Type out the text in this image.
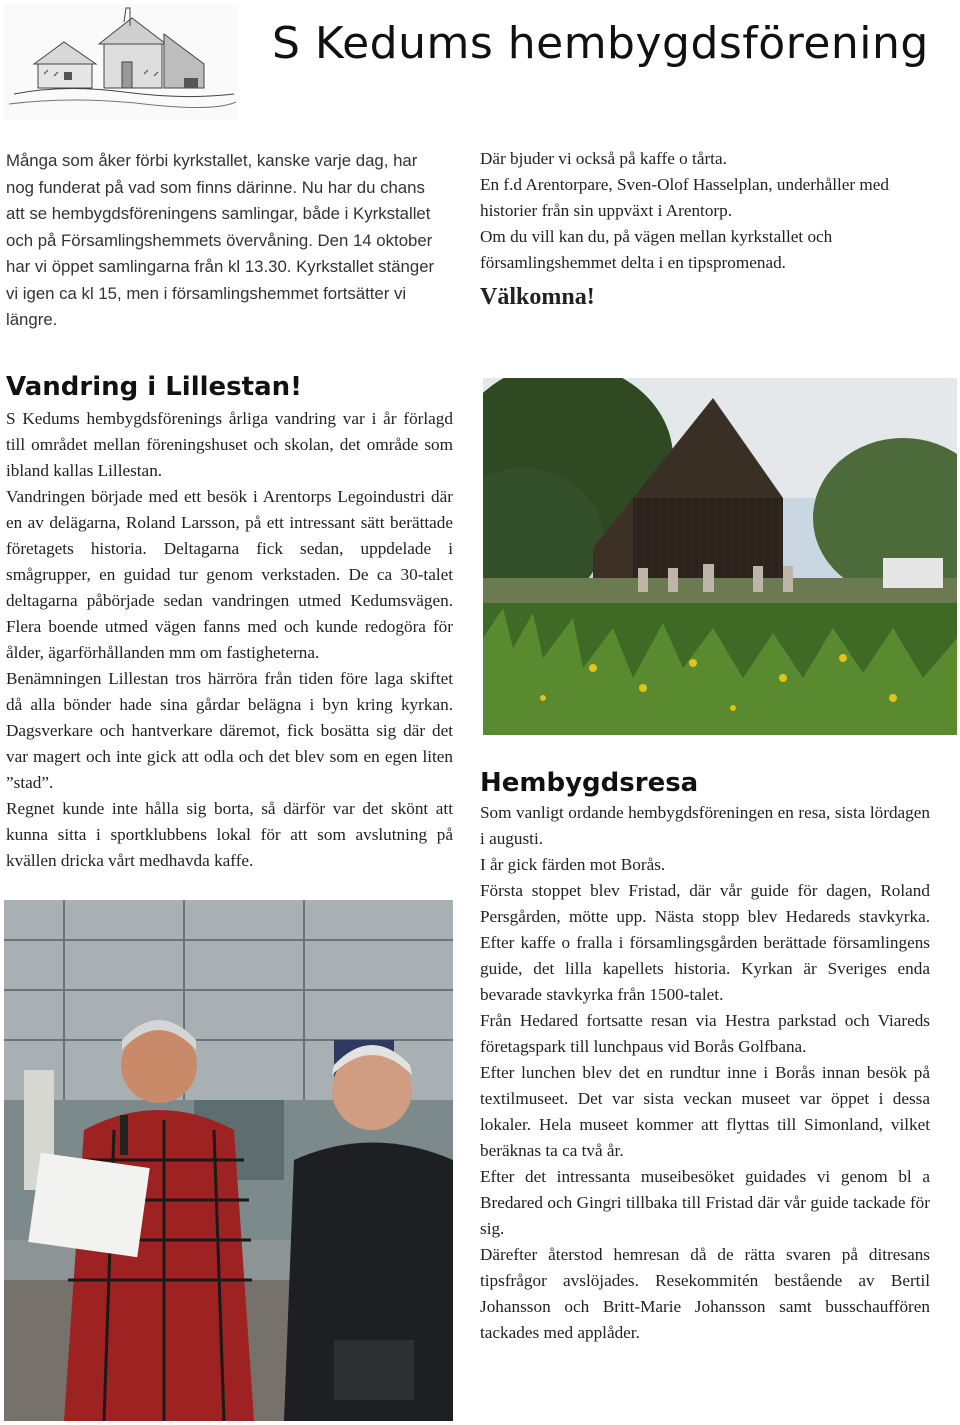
S Kedums hembygdsförening

Många som åker förbi kyrkstallet, kanske varje dag, har nog funderat på vad som finns därinne. Nu har du chans att se hembygdsföreningens samlingar, både i Kyrkstallet och på Församlingshemmets övervåning. Den 14 oktober har vi öppet samlingarna från kl 13.30. Kyrkstallet stänger vi igen ca kl 15, men i församlingshemmet fortsätter vi längre.

Där bjuder vi också på kaffe o tårta.

En f.d Arentorpare, Sven-Olof Hasselplan, underhåller med historier från sin uppväxt i Arentorp.

Om du vill kan du, på vägen mellan kyrkstallet och församlingshemmet delta i en tipspromenad.

Välkomna!

Vandring i Lillestan!

S Kedums hembygdsförenings årliga vandring var i år förlagd till området mellan föreningshuset och skolan, det område som ibland kallas Lillestan.

Vandringen började med ett besök i Arentorps Legoindustri där en av delägarna, Roland Larsson, på ett intressant sätt berättade företagets historia. Deltagarna fick sedan, uppdelade i smågrupper, en guidad tur genom verkstaden. De ca 30-talet deltagarna påbörjade sedan vandringen utmed Kedumsvägen. Flera boende utmed vägen fanns med och kunde redogöra för ålder, ägarförhållanden mm om fastigheterna.

Benämningen Lillestan tros härröra från tiden före laga skiftet då alla bönder hade sina gårdar belägna i byn kring kyrkan. Dagsverkare och hantverkare däremot, fick bosätta sig där det var magert och inte gick att odla och det blev som en egen liten ”stad”.

Regnet kunde inte hålla sig borta, så därför var det skönt att kunna sitta i sportklubbens lokal för att som avslutning på kvällen dricka vårt medhavda kaffe.

Hembygdsresa

Som vanligt ordande hembygdsföreningen en resa, sista lördagen i augusti.

I år gick färden mot Borås.

Första stoppet blev Fristad, där vår guide för dagen, Roland Persgården, mötte upp. Nästa stopp blev Hedareds stavkyrka. Efter kaffe o fralla i församlingsgården berättade församlingens guide, det lilla kapellets historia. Kyrkan är Sveriges enda bevarade stavkyrka från 1500-talet.

Från Hedared fortsatte resan via Hestra parkstad och Viareds företagspark till lunchpaus vid Borås Golfbana.

Efter lunchen blev det en rundtur inne i Borås innan besök på textilmuseet. Det var sista veckan museet var öppet i dessa lokaler. Hela museet kommer att flyttas till Simonland, vilket beräknas ta ca två år.

Efter det intressanta museibesöket guidades vi genom bl a Bredared och Gingri tillbaka till Fristad där vår guide tackade för sig.

Därefter återstod hemresan då de rätta svaren på ditresans tipsfrågor avslöjades. Resekommitén bestående av Bertil Johansson och Britt-Marie Johansson samt busschauffören tackades med applåder.
